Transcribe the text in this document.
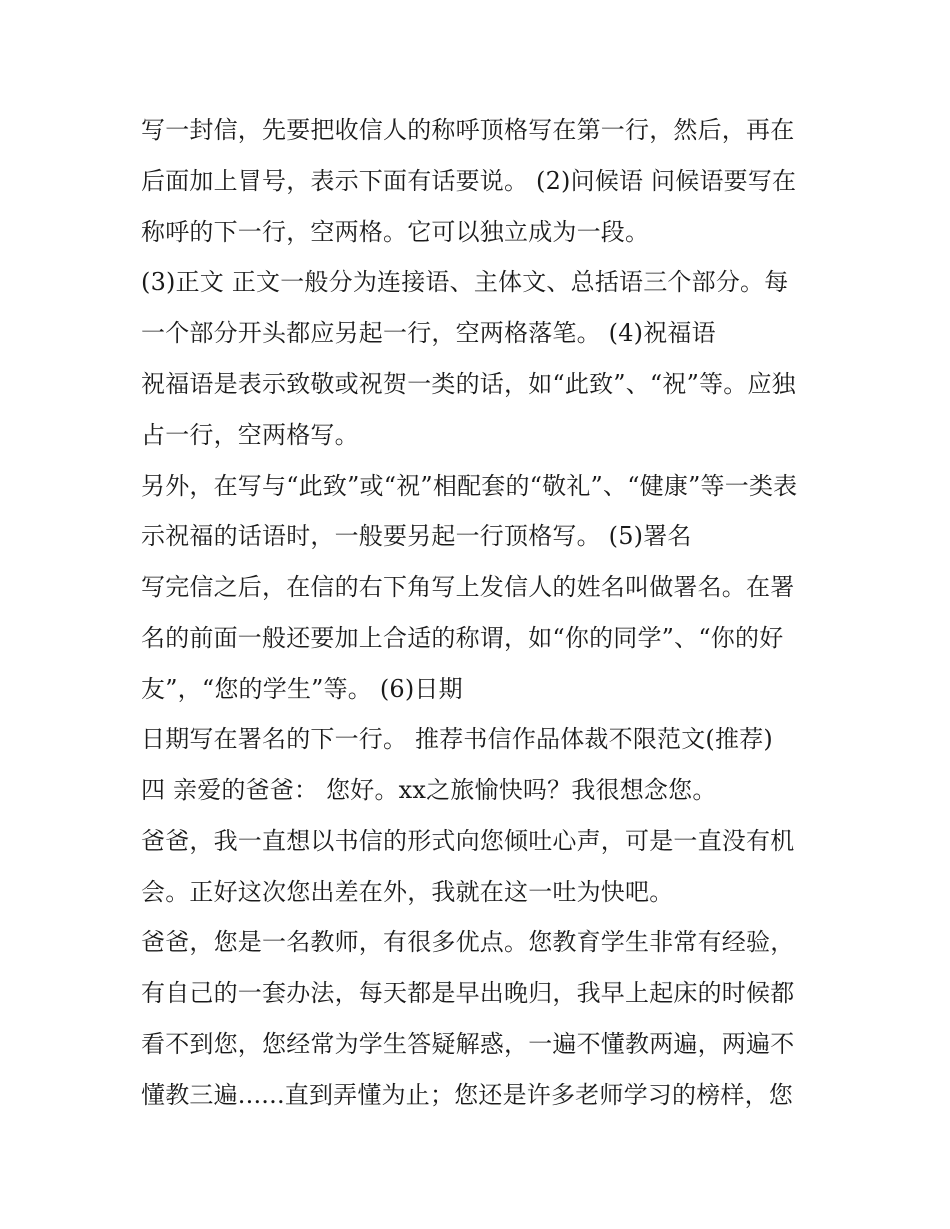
写一封信，先要把收信人的称呼顶格写在第一行，然后，再在
后面加上冒号，表示下面有话要说。 (2)问候语 问候语要写在
称呼的下一行，空两格。它可以独立成为一段。
(3)正文 正文一般分为连接语、主体文、总括语三个部分。每
一个部分开头都应另起一行，空两格落笔。 (4)祝福语
祝福语是表示致敬或祝贺一类的话，如“此致”、“祝”等。应独
占一行，空两格写。
另外，在写与“此致”或“祝”相配套的“敬礼”、“健康”等一类表
示祝福的话语时，一般要另起一行顶格写。 (5)署名
写完信之后，在信的右下角写上发信人的姓名叫做署名。在署
名的前面一般还要加上合适的称谓，如“你的同学”、“你的好
友”，“您的学生”等。 (6)日期
日期写在署名的下一行。 推荐书信作品体裁不限范文(推荐)
四 亲爱的爸爸： 您好。xx之旅愉快吗？我很想念您。
爸爸，我一直想以书信的形式向您倾吐心声，可是一直没有机
会。正好这次您出差在外，我就在这一吐为快吧。
爸爸，您是一名教师，有很多优点。您教育学生非常有经验，
有自己的一套办法，每天都是早出晚归，我早上起床的时候都
看不到您，您经常为学生答疑解惑，一遍不懂教两遍，两遍不
懂教三遍......直到弄懂为止；您还是许多老师学习的榜样，您
